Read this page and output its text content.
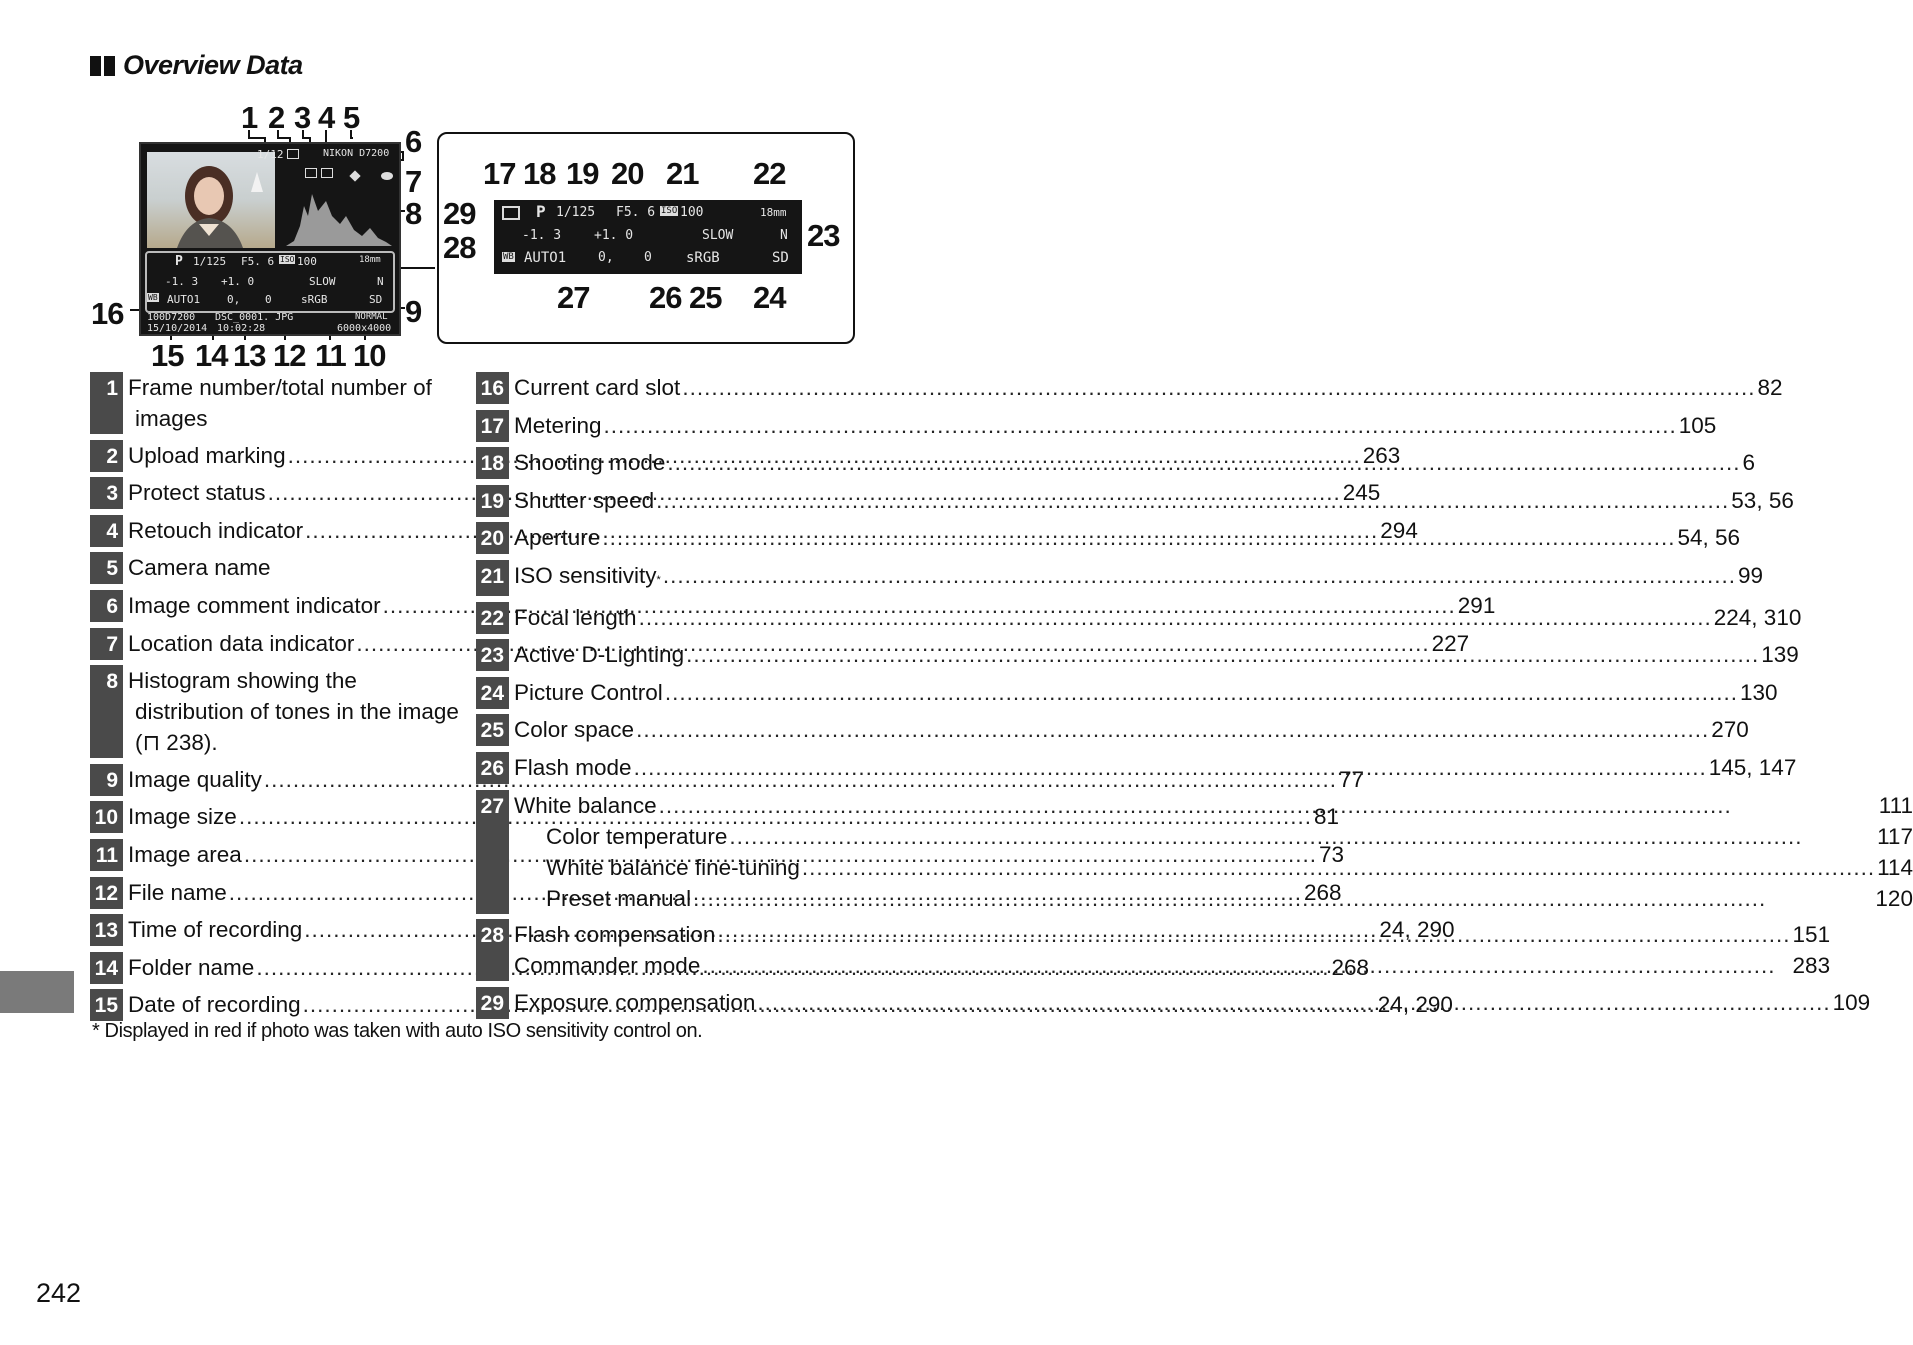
Overview Data
1/12	NIKON D7200
P 1/125 F5. 6 ISO 100	18mm
-1. 3 +1. 0	SLOW	N
WB AUTO1 0, 0	sRGB	SD
100D7200 DSC_0001. JPG	NORMAL
15/10/2014 10:02:28	6000x4000
P 1/125 F5. 6 ISO 100	18mm
-1. 3	+1. 0	SLOW	N
WB AUTO1 0, 0 sRGB	SD
1 2 3 4 5
6
7
8
9
16
15 14 13 12 11 10
17 18 19 20 21 22
29
28	23
27 26 25 24
1 Frame number/total number of
images
2 Upload marking .....	263
3 Protect status .....	245
4 Retouch indicator .....	294
5 Camera name
6 Image comment indicator .....	291
7 Location data indicator .....	227
8 Histogram showing the
distribution of tones in the image
(⊓ 238).
9 Image quality .....	77
10 Image size .....	81
11 Image area .....	73
12 File name .....	268
13 Time of recording .....	24, 290
14 Folder name .....	268
15 Date of recording .....	24, 290
16 Current card slot .....	82
17 Metering .....	105
18 Shooting mode .....	6
19 Shutter speed .....	53, 56
20 Aperture .....	54, 56
21 ISO sensitivity$_*$ .....	99
22 Focal length .....	224, 310
23 Active D-Lighting .....	139
24 Picture Control .....	130
25 Color space .....	270
26 Flash mode .....	145, 147
27 White balance .....	111
Color temperature .....	117
White balance fine-tuning .....	114
Preset manual .....	120
28 Flash compensation .....	151
Commander mode .....	283
29 Exposure compensation .....	109
* Displayed in red if photo was taken with auto ISO sensitivity control on.
242
